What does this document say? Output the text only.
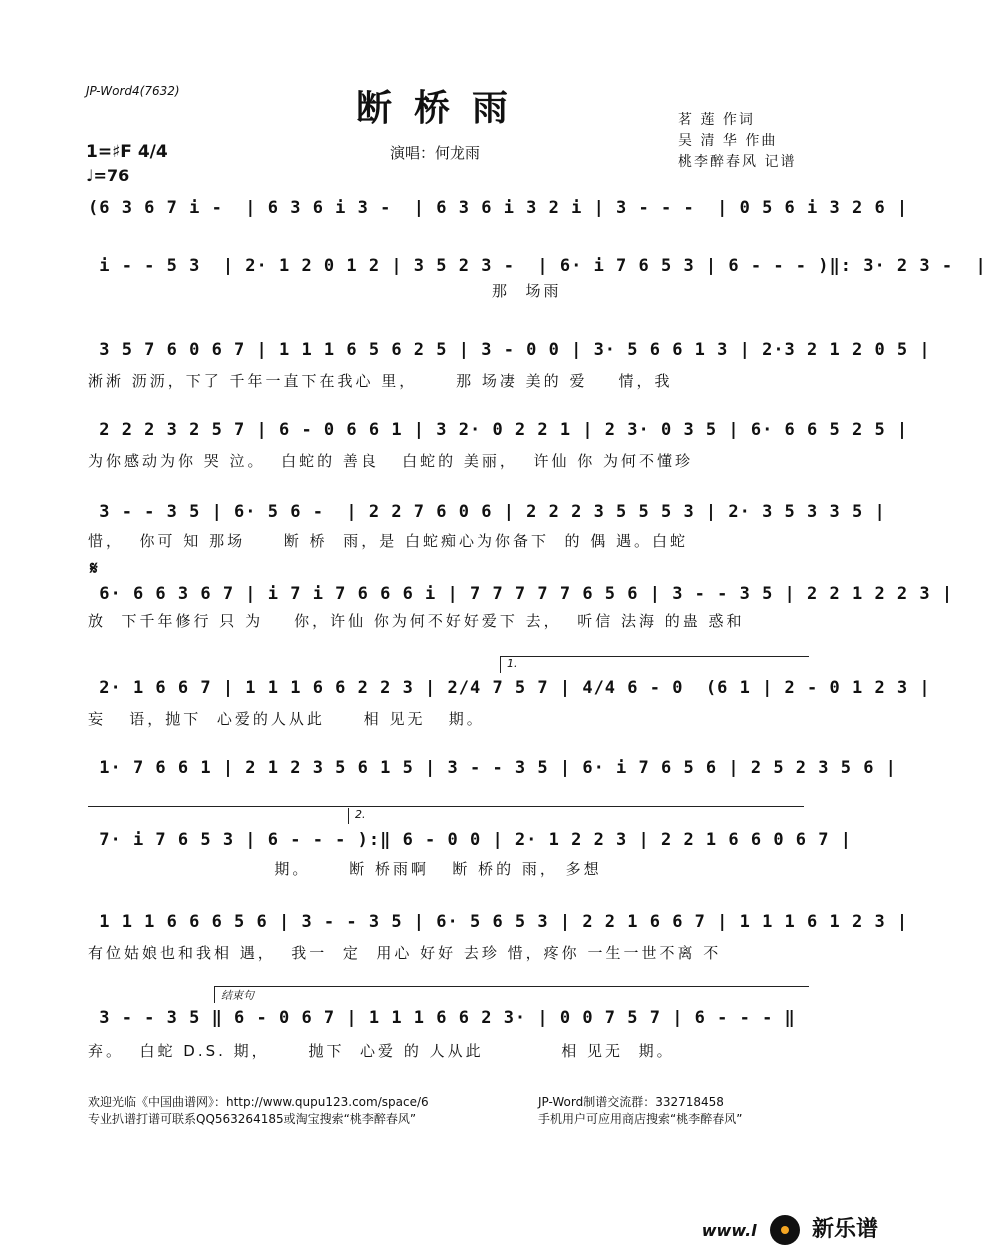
JP-Word4(7632)	断桥雨	茗 莲 作词
吴 清 华 作曲
桃李醉春风 记谱
演唱：何龙雨
1=♯F 4/4
♩=76
𝄋
(6 3 6 7 i -  | 6 3 6 i 3 -  | 6 3 6 i 3 2 i | 3 - - -  | 0 5 6 i 3 2 6 |
i - - 5 3  | 2· 1 2 0 1 2 | 3 5 2 3 -  | 6· i 7 6 5 3 | 6 - - - )‖: 3· 2 3 -  |
那  场雨
3 5 7 6 0 6 7 | 1 1 1 6 5 6 2 5 | 3 - 0 0 | 3· 5 6 6 1 3 | 2·3 2 1 2 0 5 |
淅淅 沥沥，下了 千年一直下在我心 里，     那 场凄 美的 爱    情，我
2 2 2 3 2 5 7 | 6 - 0 6 6 1 | 3 2· 0 2 2 1 | 2 3· 0 3 5 | 6· 6 6 5 2 5 |
为你感动为你 哭 泣。  白蛇的 善良   白蛇的 美丽，  许仙 你 为何不懂珍
3 - - 3 5 | 6· 5 6 -  | 2 2 7 6 0 6 | 2 2 2 3 5 5 5 3 | 2· 3 5 3 3 5 |
惜，  你可 知 那场     断 桥  雨，是 白蛇痴心为你备下  的 偶 遇。白蛇
6· 6 6 3 6 7 | i 7 i 7 6 6 6 i | 7 7 7 7 7 6 5 6 | 3 - - 3 5 | 2 2 1 2 2 3 |
放  下千年修行 只 为    你，许仙 你为何不好好爱下 去，  听信 法海 的蛊 惑和
1.
2· 1 6 6 7 | 1 1 1 6 6 2 2 3 | 2/4 7 5 7 | 4/4 6 - 0  (6 1 | 2 - 0 1 2 3 |
妄   语，抛下  心爱的人从此     相 见无   期。
1· 7 6 6 1 | 2 1 2 3 5 6 1 5 | 3 - - 3 5 | 6· i 7 6 5 6 | 2 5 2 3 5 6 |
2.
7· i 7 6 5 3 | 6 - - - ):‖ 6 - 0 0 | 2· 1 2 2 3 | 2 2 1 6 6 0 6 7 |
期。     断 桥雨啊   断 桥的 雨， 多想
1 1 1 6 6 6 5 6 | 3 - - 3 5 | 6· 5 6 5 3 | 2 2 1 6 6 7 | 1 1 1 6 1 2 3 |
有位姑娘也和我相 遇，  我一  定  用心 好好 去珍 惜，疼你 一生一世不离 不
结束句
3 - - 3 5 ‖ 6 - 0 6 7 | 1 1 1 6 6 2 3· | 0 0 7 5 7 | 6 - - - ‖
弃。  白蛇 D.S. 期，     抛下  心爱 的 人从此          相 见无  期。
欢迎光临《中国曲谱网》：http://www.qupu123.com/space/6
专业扒谱打谱可联系QQ563264185或淘宝搜索“桃李醉春风”
JP-Word制谱交流群：332718458
手机用户可应用商店搜索“桃李醉春风”
www.l	新乐谱
